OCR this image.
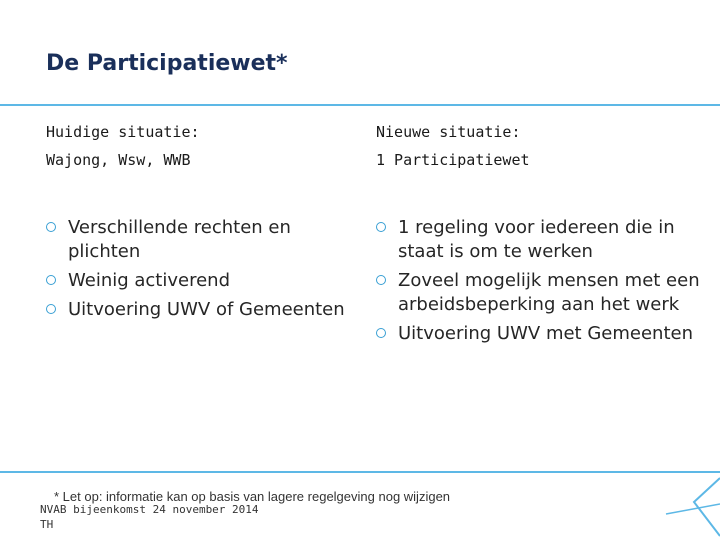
De Participatiewet*

Huidige situatie:
Wajong, Wsw, WWB

Verschillende rechten en plichten
Weinig activerend
Uitvoering UWV of Gemeenten

Nieuwe situatie:
1 Participatiewet

1 regeling voor iedereen die in staat is om te werken
Zoveel mogelijk mensen met een arbeidsbeperking aan het werk
Uitvoering UWV met Gemeenten

* Let op: informatie kan op basis van lagere regelgeving nog wijzigen

NVAB bijeenkomst 24 november 2014
TH
